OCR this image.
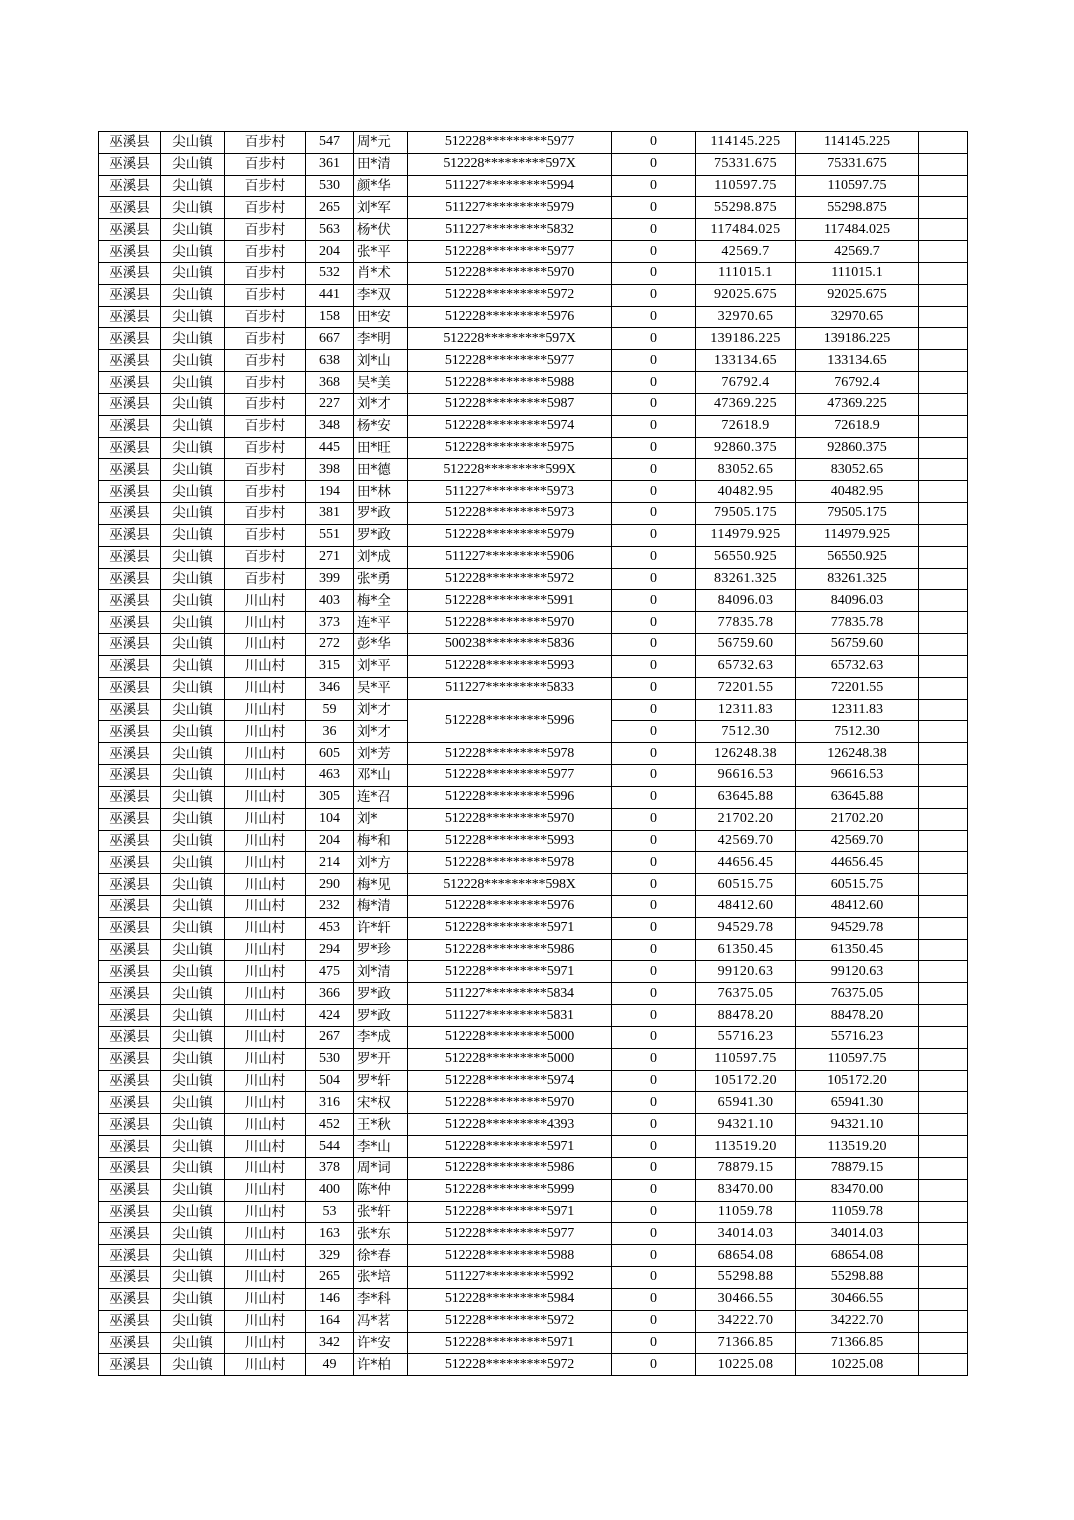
巫溪县	尖山镇	百步村	547	周*元	512228*********5977	0	114145.225	114145.225	
巫溪县	尖山镇	百步村	361	田*清	512228*********597X	0	75331.675	75331.675	
巫溪县	尖山镇	百步村	530	颜*华	511227*********5994	0	110597.75	110597.75	
巫溪县	尖山镇	百步村	265	刘*军	511227*********5979	0	55298.875	55298.875	
巫溪县	尖山镇	百步村	563	杨*伏	511227*********5832	0	117484.025	117484.025	
巫溪县	尖山镇	百步村	204	张*平	512228*********5977	0	42569.7	42569.7	
巫溪县	尖山镇	百步村	532	肖*术	512228*********5970	0	111015.1	111015.1	
巫溪县	尖山镇	百步村	441	李*双	512228*********5972	0	92025.675	92025.675	
巫溪县	尖山镇	百步村	158	田*安	512228*********5976	0	32970.65	32970.65	
巫溪县	尖山镇	百步村	667	李*明	512228*********597X	0	139186.225	139186.225	
巫溪县	尖山镇	百步村	638	刘*山	512228*********5977	0	133134.65	133134.65	
巫溪县	尖山镇	百步村	368	吴*美	512228*********5988	0	76792.4	76792.4	
巫溪县	尖山镇	百步村	227	刘*才	512228*********5987	0	47369.225	47369.225	
巫溪县	尖山镇	百步村	348	杨*安	512228*********5974	0	72618.9	72618.9	
巫溪县	尖山镇	百步村	445	田*旺	512228*********5975	0	92860.375	92860.375	
巫溪县	尖山镇	百步村	398	田*德	512228*********599X	0	83052.65	83052.65	
巫溪县	尖山镇	百步村	194	田*林	511227*********5973	0	40482.95	40482.95	
巫溪县	尖山镇	百步村	381	罗*政	512228*********5973	0	79505.175	79505.175	
巫溪县	尖山镇	百步村	551	罗*政	512228*********5979	0	114979.925	114979.925	
巫溪县	尖山镇	百步村	271	刘*成	511227*********5906	0	56550.925	56550.925	
巫溪县	尖山镇	百步村	399	张*勇	512228*********5972	0	83261.325	83261.325	
巫溪县	尖山镇	川山村	403	梅*全	512228*********5991	0	84096.03	84096.03	
巫溪县	尖山镇	川山村	373	连*平	512228*********5970	0	77835.78	77835.78	
巫溪县	尖山镇	川山村	272	彭*华	500238*********5836	0	56759.60	56759.60	
巫溪县	尖山镇	川山村	315	刘*平	512228*********5993	0	65732.63	65732.63	
巫溪县	尖山镇	川山村	346	吴*平	511227*********5833	0	72201.55	72201.55	
巫溪县	尖山镇	川山村	59	刘*才	512228*********5996	0	12311.83	12311.83	
巫溪县	尖山镇	川山村	36	刘*才		0	7512.30	7512.30	
巫溪县	尖山镇	川山村	605	刘*芳	512228*********5978	0	126248.38	126248.38	
巫溪县	尖山镇	川山村	463	邓*山	512228*********5977	0	96616.53	96616.53	
巫溪县	尖山镇	川山村	305	连*召	512228*********5996	0	63645.88	63645.88	
巫溪县	尖山镇	川山村	104	刘*	512228*********5970	0	21702.20	21702.20	
巫溪县	尖山镇	川山村	204	梅*和	512228*********5993	0	42569.70	42569.70	
巫溪县	尖山镇	川山村	214	刘*方	512228*********5978	0	44656.45	44656.45	
巫溪县	尖山镇	川山村	290	梅*见	512228*********598X	0	60515.75	60515.75	
巫溪县	尖山镇	川山村	232	梅*清	512228*********5976	0	48412.60	48412.60	
巫溪县	尖山镇	川山村	453	许*轩	512228*********5971	0	94529.78	94529.78	
巫溪县	尖山镇	川山村	294	罗*珍	512228*********5986	0	61350.45	61350.45	
巫溪县	尖山镇	川山村	475	刘*清	512228*********5971	0	99120.63	99120.63	
巫溪县	尖山镇	川山村	366	罗*政	511227*********5834	0	76375.05	76375.05	
巫溪县	尖山镇	川山村	424	罗*政	511227*********5831	0	88478.20	88478.20	
巫溪县	尖山镇	川山村	267	李*成	512228*********5000	0	55716.23	55716.23	
巫溪县	尖山镇	川山村	530	罗*开	512228*********5000	0	110597.75	110597.75	
巫溪县	尖山镇	川山村	504	罗*轩	512228*********5974	0	105172.20	105172.20	
巫溪县	尖山镇	川山村	316	宋*权	512228*********5970	0	65941.30	65941.30	
巫溪县	尖山镇	川山村	452	王*秋	512228*********4393	0	94321.10	94321.10	
巫溪县	尖山镇	川山村	544	李*山	512228*********5971	0	113519.20	113519.20	
巫溪县	尖山镇	川山村	378	周*词	512228*********5986	0	78879.15	78879.15	
巫溪县	尖山镇	川山村	400	陈*仲	512228*********5999	0	83470.00	83470.00	
巫溪县	尖山镇	川山村	53	张*轩	512228*********5971	0	11059.78	11059.78	
巫溪县	尖山镇	川山村	163	张*东	512228*********5977	0	34014.03	34014.03	
巫溪县	尖山镇	川山村	329	徐*春	512228*********5988	0	68654.08	68654.08	
巫溪县	尖山镇	川山村	265	张*培	511227*********5992	0	55298.88	55298.88	
巫溪县	尖山镇	川山村	146	李*科	512228*********5984	0	30466.55	30466.55	
巫溪县	尖山镇	川山村	164	冯*茗	512228*********5972	0	34222.70	34222.70	
巫溪县	尖山镇	川山村	342	许*安	512228*********5971	0	71366.85	71366.85	
巫溪县	尖山镇	川山村	49	许*柏	512228*********5972	0	10225.08	10225.08	
